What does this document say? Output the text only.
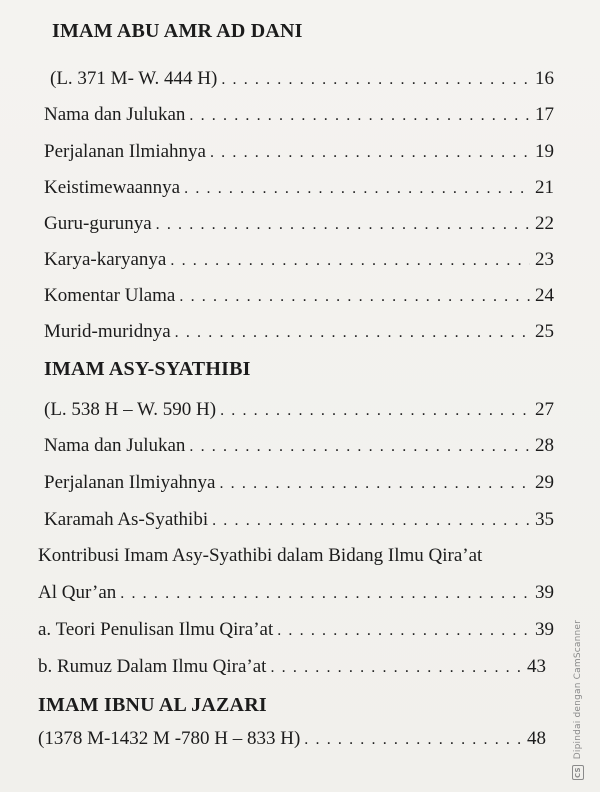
IMAM ABU AMR AD DANI
(L. 371 M- W. 444 H) . . .	16
Nama dan Julukan . . .	17
Perjalanan Ilmiahnya . . .	19
Keistimewaannya . . .	21
Guru-gurunya . . .	22
Karya-karyanya . . .	23
Komentar Ulama . . .	24
Murid-muridnya . . .	25
IMAM ASY-SYATHIBI
(L. 538 H – W. 590 H) . . .	27
Nama dan Julukan . . .	28
Perjalanan Ilmiyahnya . . .	29
Karamah As-Syathibi . . .	35
Kontribusi Imam Asy-Syathibi dalam Bidang Ilmu Qira’at
Al Qur’an . . .	39
a. Teori Penulisan Ilmu Qira’at . . .	39
b. Rumuz Dalam Ilmu Qira’at . . .	43
IMAM IBNU AL JAZARI
(1378 M-1432 M -780 H – 833 H) . . .	48
CS Dipindai dengan CamScanner
